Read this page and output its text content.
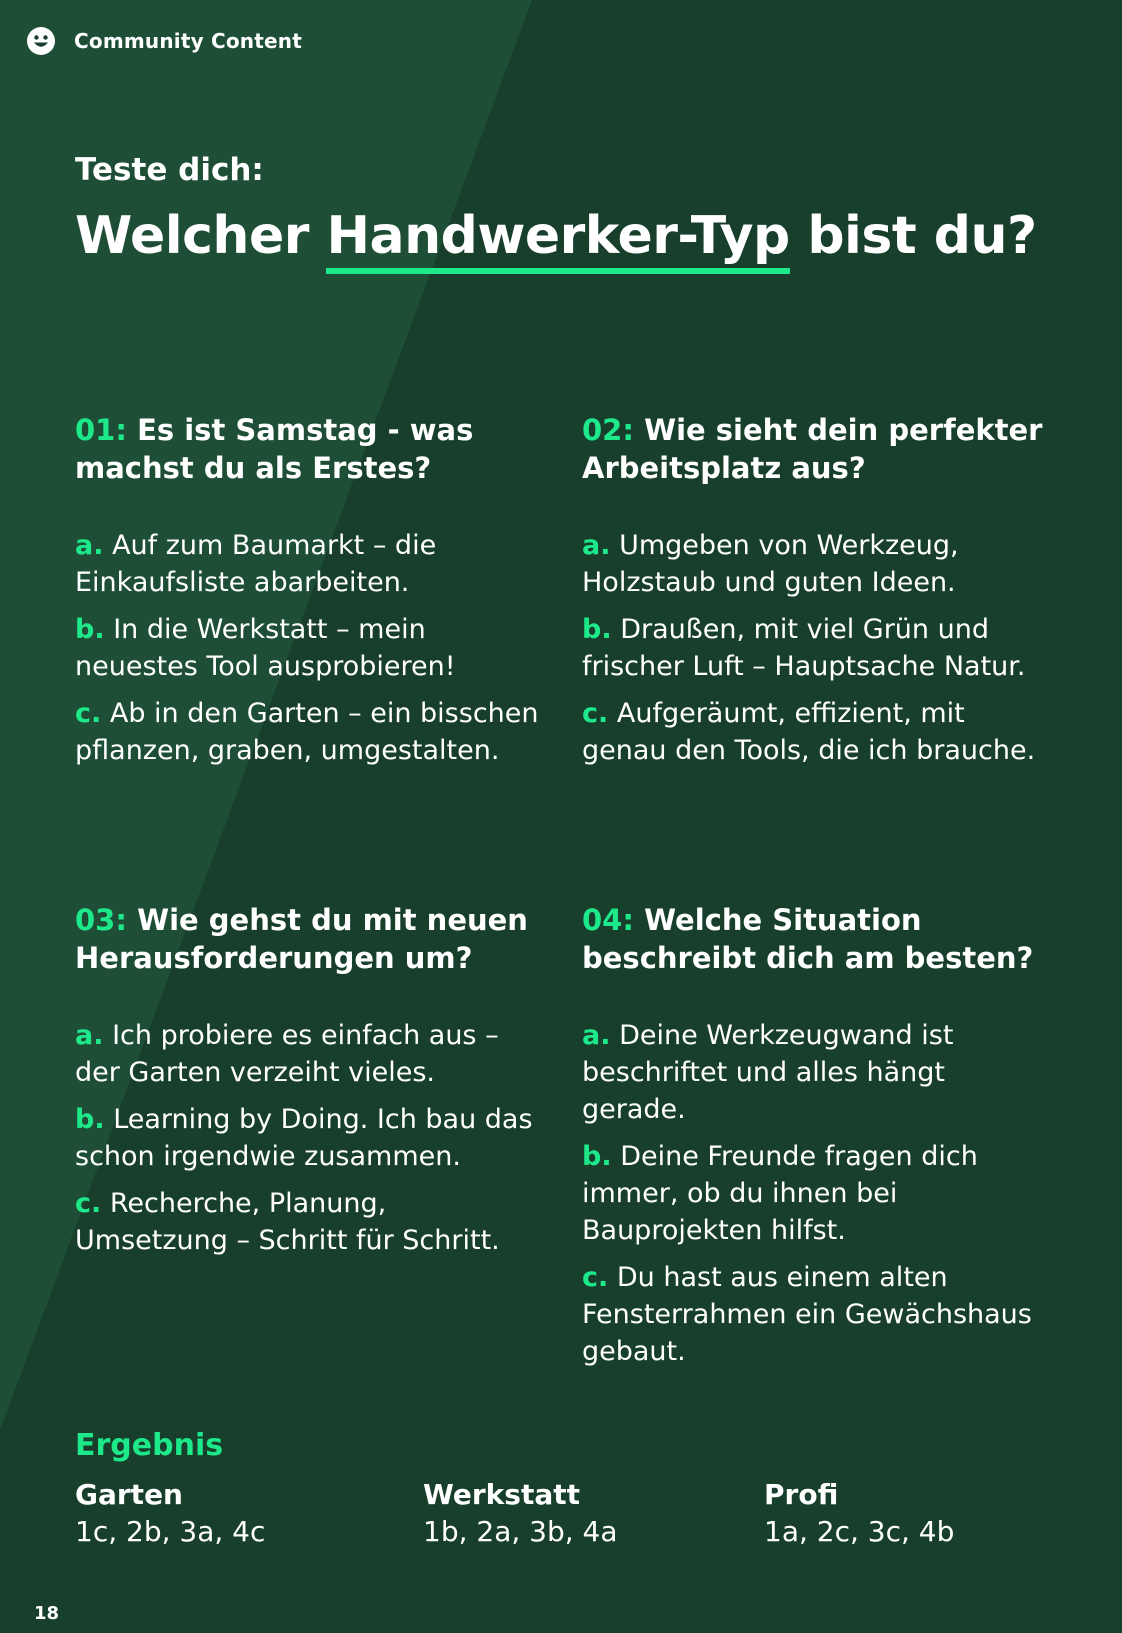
Community Content
Teste dich:
Welcher Handwerker-Typ bist du?

01: Es ist Samstag - was machst du als Erstes?

a. Auf zum Baumarkt – die Einkaufsliste abarbeiten.

b. In die Werkstatt – mein neuestes Tool ausprobieren!

c. Ab in den Garten – ein bisschen pflanzen, graben, umgestalten.

02: Wie sieht dein perfekter Arbeitsplatz aus?

a. Umgeben von Werkzeug, Holzstaub und guten Ideen.

b. Draußen, mit viel Grün und frischer Luft – Hauptsache Natur.

c. Aufgeräumt, effizient, mit genau den Tools, die ich brauche.

03: Wie gehst du mit neuen Herausforderungen um?

a. Ich probiere es einfach aus – der Garten verzeiht vieles.

b. Learning by Doing. Ich bau das schon irgendwie zusammen.

c. Recherche, Planung, Umsetzung – Schritt für Schritt.

04: Welche Situation beschreibt dich am besten?

a. Deine Werkzeugwand ist beschriftet und alles hängt gerade.

b. Deine Freunde fragen dich immer, ob du ihnen bei Bauprojekten hilfst.

c. Du hast aus einem alten Fensterrahmen ein Gewächshaus gebaut.

Ergebnis
Garten
1c, 2b, 3a, 4c
Werkstatt
1b, 2a, 3b, 4a
Profi
1a, 2c, 3c, 4b
18
